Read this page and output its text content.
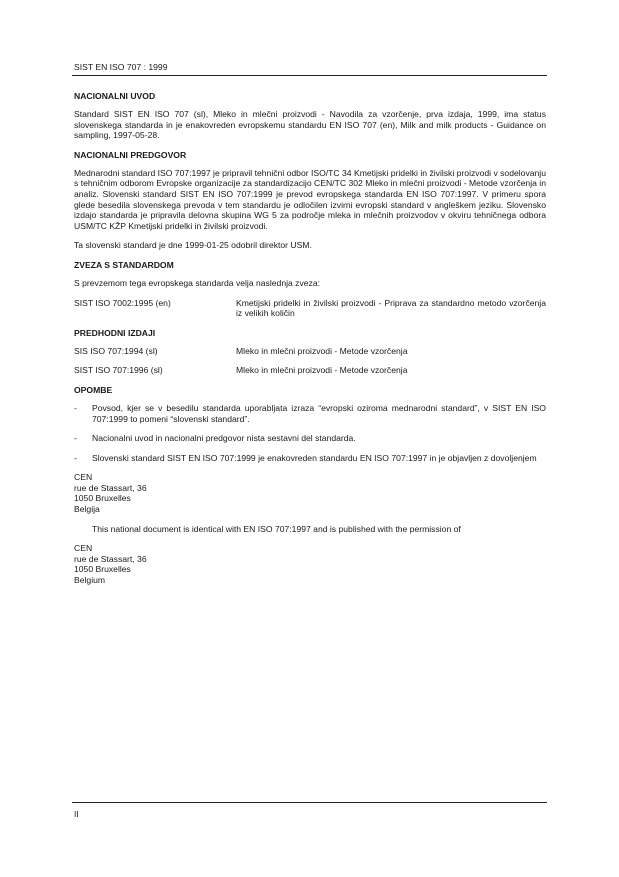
SIST EN ISO 707 : 1999
NACIONALNI UVOD

Standard SIST EN ISO 707 (sl), Mleko in mlečni proizvodi - Navodila za vzorčenje, prva izdaja, 1999, ima status slovenskega standarda in je enakovreden evropskemu standardu EN ISO 707 (en), Milk and milk products - Guidance on sampling, 1997-05-28.

NACIONALNI PREDGOVOR

Mednarodni standard ISO 707:1997 je pripravil tehnični odbor ISO/TC 34 Kmetijski pridelki in živilski proizvodi v sodelovanju s tehničnim odborom Evropske organizacije za standardizacijo CEN/TC 302 Mleko in mlečni proizvodi - Metode vzorčenja in analiz. Slovenski standard SIST EN ISO 707:1999 je prevod evropskega standarda EN ISO 707:1997. V primeru spora glede besedila slovenskega prevoda v tem standardu je odločilen izvirni evropski standard v angleškem jeziku. Slovensko izdajo standarda je pripravila delovna skupina WG 5 za področje mleka in mlečnih proizvodov v okviru tehničnega odbora USM/TC KŽP Kmetijski pridelki in živilski proizvodi.

Ta slovenski standard je dne 1999-01-25 odobril direktor USM.

ZVEZA S STANDARDOM

S prevzemom tega evropskega standarda velja naslednja zveza:

SIST ISO 7002:1995 (en)	Kmetijski pridelki in živilski proizvodi - Priprava za standardno metodo vzorčenja iz velikih količin
PREDHODNI IZDAJI
SIS ISO 707:1994 (sl)	Mleko in mlečni proizvodi - Metode vzorčenja
SIST ISO 707:1996 (sl)	Mleko in mlečni proizvodi - Metode vzorčenja
OPOMBE
-	Povsod, kjer se v besedilu standarda uporabljata izraza “evropski oziroma mednarodni standard”, v SIST EN ISO 707:1999 to pomeni “slovenski standard”.
-	Nacionalni uvod in nacionalni predgovor nista sestavni del standarda.
-	Slovenski standard SIST EN ISO 707:1999 je enakovreden standardu EN ISO 707:1997 in je objavljen z dovoljenjem
CEN
rue de Stassart, 36
1050 Bruxelles
Belgija

This national document is identical with EN ISO 707:1997 and is published with the permission of

CEN
rue de Stassart, 36
1050 Bruxelles
Belgium
II
